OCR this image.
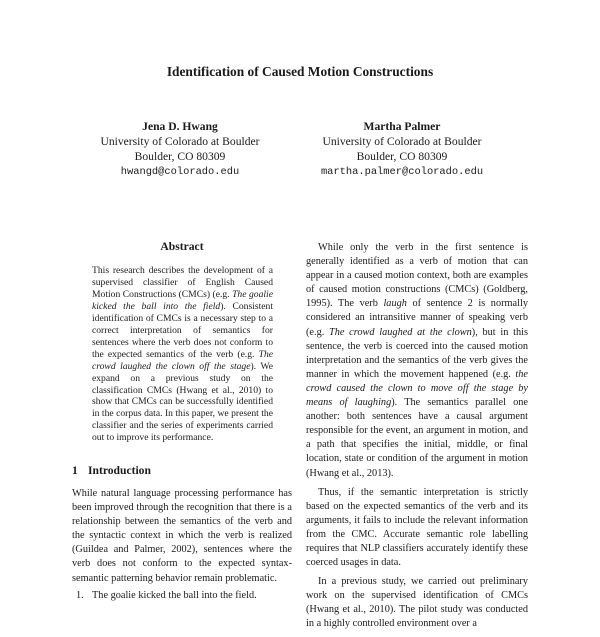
Identification of Caused Motion Constructions
Jena D. Hwang
University of Colorado at Boulder
Boulder, CO 80309
hwangd@colorado.edu
Martha Palmer
University of Colorado at Boulder
Boulder, CO 80309
martha.palmer@colorado.edu
Abstract

This research describes the development of a supervised classifier of English Caused Motion Constructions (CMCs) (e.g. The goalie kicked the ball into the field). Consistent identification of CMCs is a necessary step to a correct interpretation of semantics for sentences where the verb does not conform to the expected semantics of the verb (e.g. The crowd laughed the clown off the stage). We expand on a previous study on the classification CMCs (Hwang et al., 2010) to show that CMCs can be successfully identified in the corpus data. In this paper, we present the classifier and the series of experiments carried out to improve its performance.

1 Introduction

While natural language processing performance has been improved through the recognition that there is a relationship between the semantics of the verb and the syntactic context in which the verb is realized (Guildea and Palmer, 2002), sentences where the verb does not conform to the expected syntax-semantic patterning behavior remain problematic.

1. The goalie kicked the ball into the field.

While only the verb in the first sentence is generally identified as a verb of motion that can appear in a caused motion context, both are examples of caused motion constructions (CMCs) (Goldberg, 1995). The verb laugh of sentence 2 is normally considered an intransitive manner of speaking verb (e.g. The crowd laughed at the clown), but in this sentence, the verb is coerced into the caused motion interpretation and the semantics of the verb gives the manner in which the movement happened (e.g. the crowd caused the clown to move off the stage by means of laughing). The semantics parallel one another: both sentences have a causal argument responsible for the event, an argument in motion, and a path that specifies the initial, middle, or final location, state or condition of the argument in motion (Hwang et al., 2013).

Thus, if the semantic interpretation is strictly based on the expected semantics of the verb and its arguments, it fails to include the relevant information from the CMC. Accurate semantic role labelling requires that NLP classifiers accurately identify these coerced usages in data.

In a previous study, we carried out preliminary work on the supervised identification of CMCs (Hwang et al., 2010). The pilot study was conducted in a highly controlled environment over a
